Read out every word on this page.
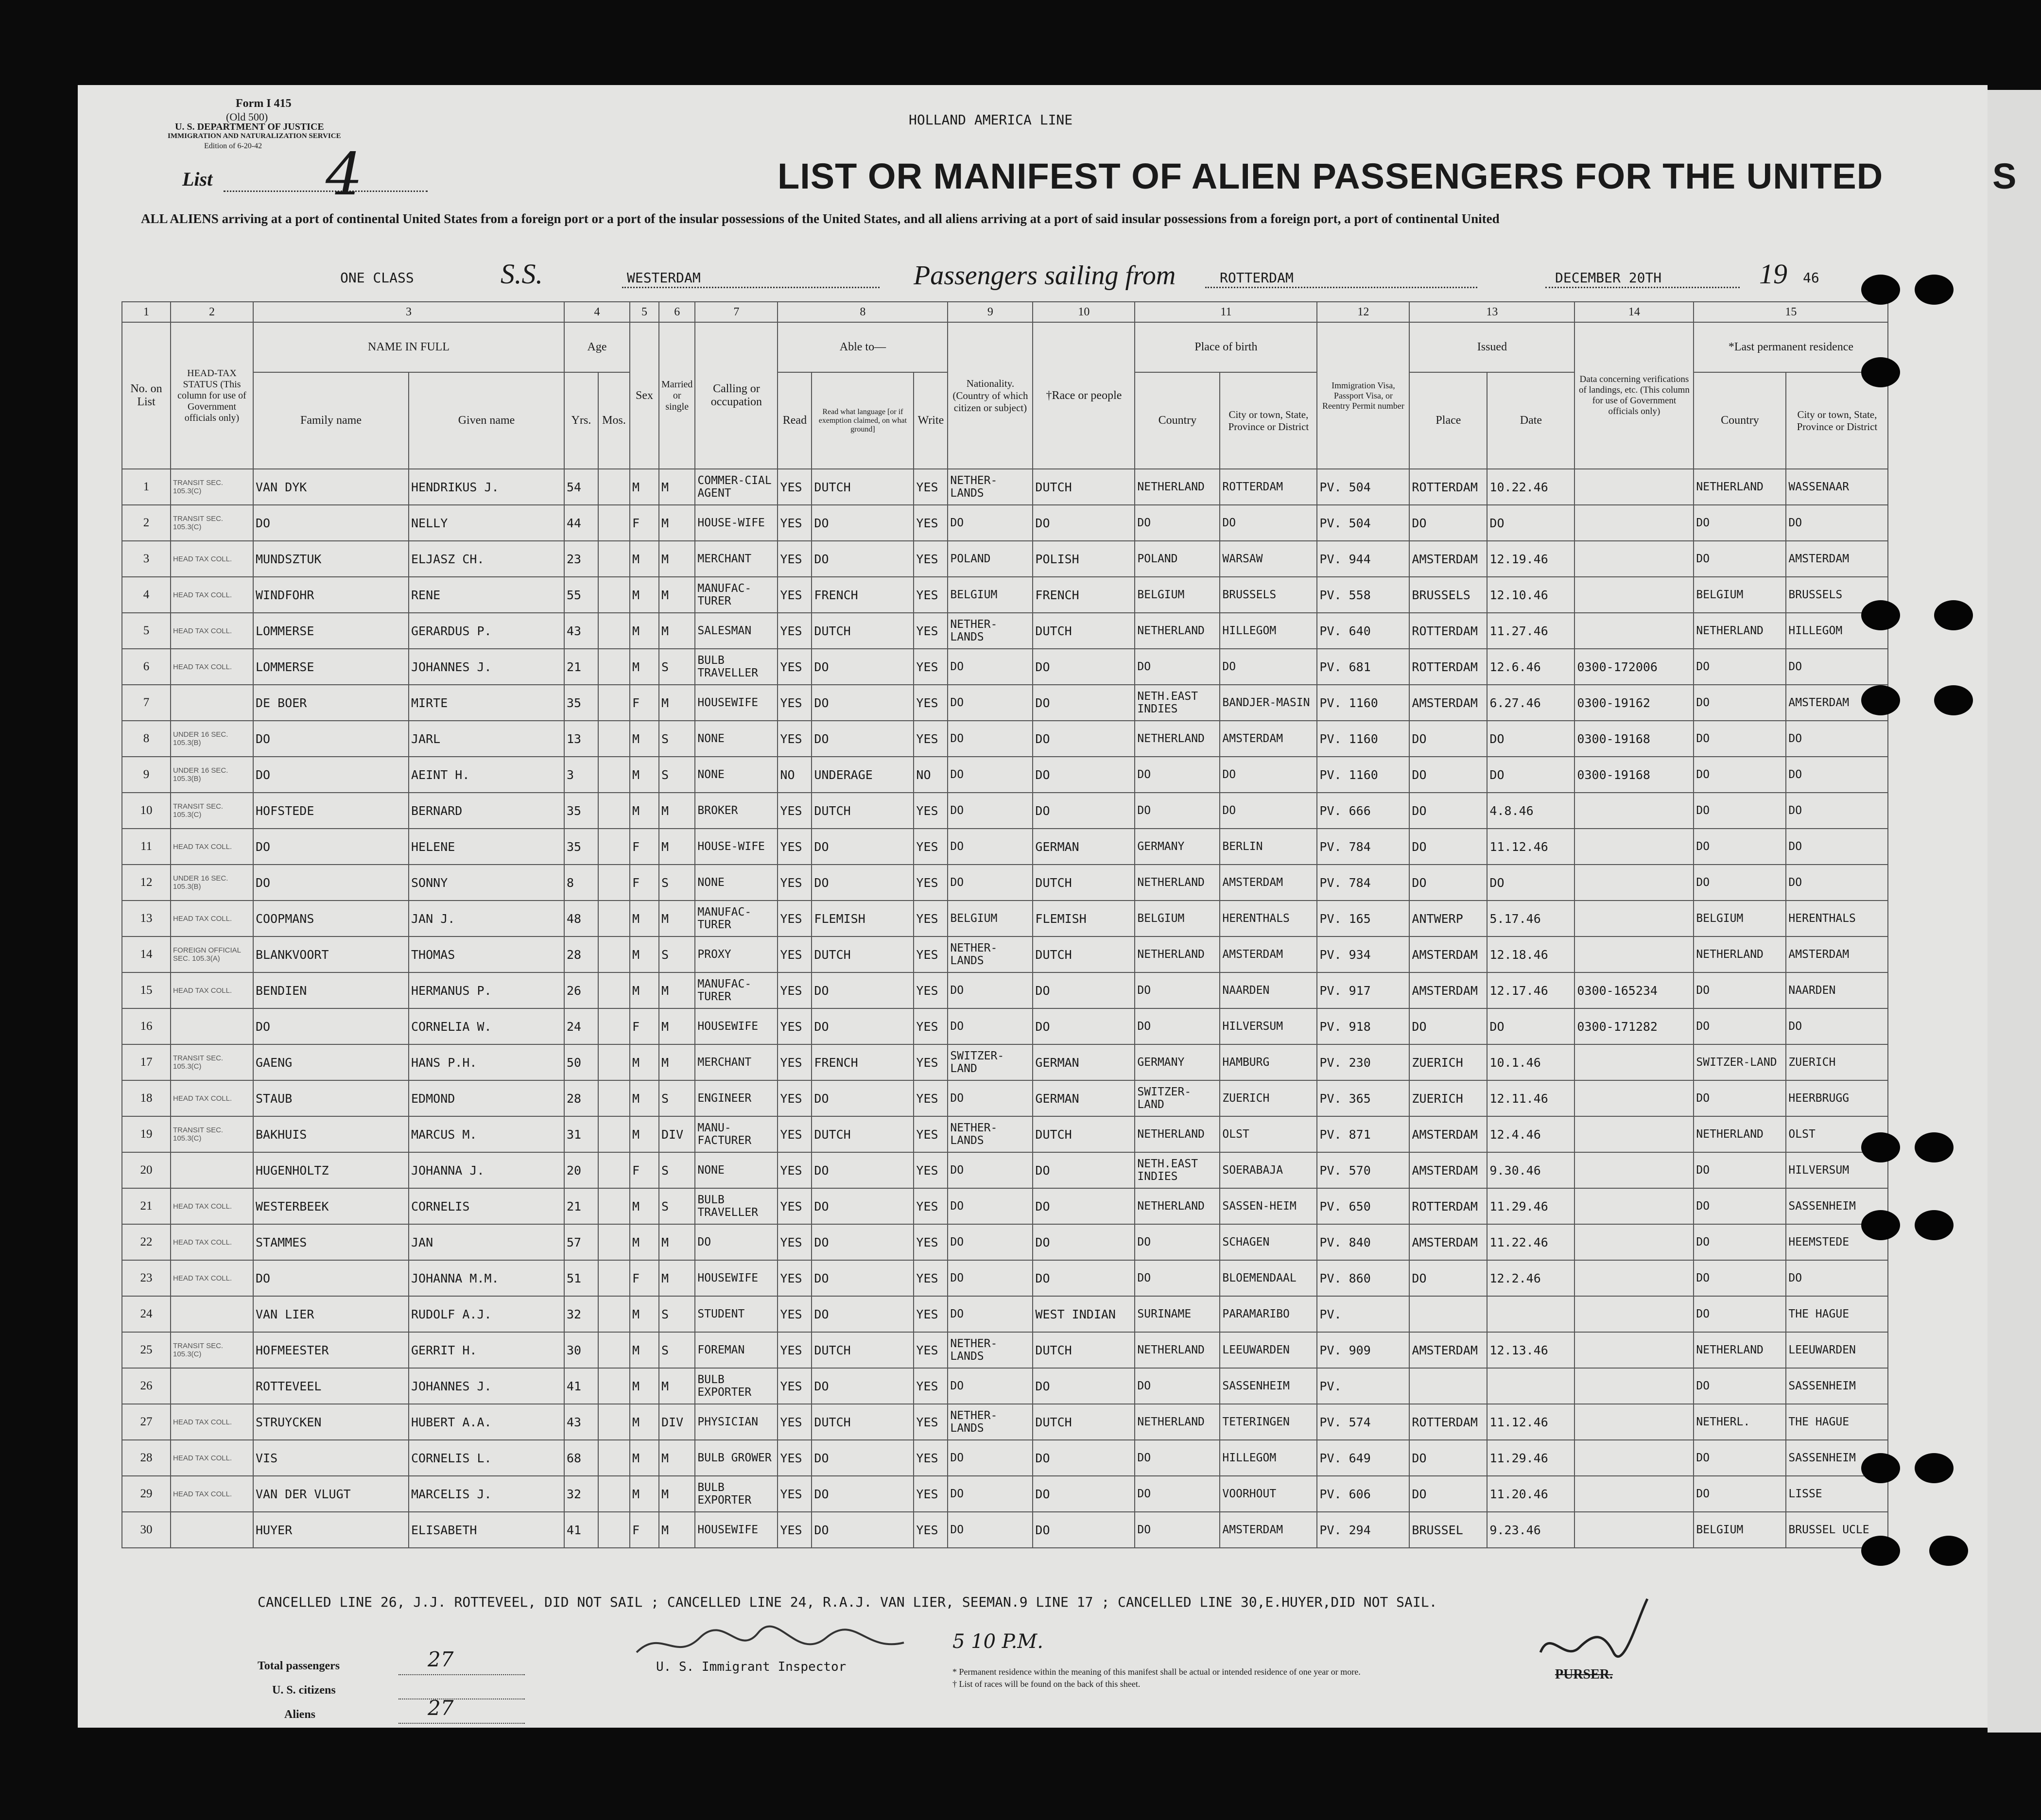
Form I 415
(Old 500)
U. S. DEPARTMENT OF JUSTICE
IMMIGRATION AND NATURALIZATION SERVICE
Edition of 6-20-42
HOLLAND AMERICA LINE
List 4	LIST OR MANIFEST OF ALIEN PASSENGERS FOR THE UNITED	S
ALL ALIENS arriving at a port of continental United States from a foreign port or a port of the insular possessions of the United States, and all aliens arriving at a port of said insular possessions from a foreign port, a port of continental United
ONE CLASS	S.S.	WESTERDAM	Passengers sailing from	ROTTERDAM	DECEMBER 20TH	19 46
1	2	3		4		5	6	7	8			9	10	11		12	13		14	15	
No. on List	HEAD-TAX STATUS (This column for use of Government officials only)	NAME IN FULL		Age		Sex	Married or single	Calling or occupation	Able to—			Nationality. (Country of which citizen or subject)	†Race or people	Place of birth		Immigration Visa, Passport Visa, or Reentry Permit number	Issued		Data concerning verifications of landings, etc. (This column for use of Government officials only)	*Last permanent residence	
		Family name	Given name	Yrs.	Mos.				Read	Read what language [or if exemption claimed, on what ground]	Write			Country	City or town, State, Province or District		Place	Date		Country	City or town, State, Province or District
1	TRANSIT SEC. 105.3(C)	VAN DYK	HENDRIKUS J.	54		M	M	COMMER-CIAL AGENT	YES	DUTCH	YES	NETHER-LANDS	DUTCH	NETHERLAND	ROTTERDAM	PV. 504	ROTTERDAM	10.22.46		NETHERLAND	WASSENAAR
2	TRANSIT SEC. 105.3(C)	DO	NELLY	44		F	M	HOUSE-WIFE	YES	DO	YES	DO	DO	DO	DO	PV. 504	DO	DO		DO	DO
3	HEAD TAX COLL.	MUNDSZTUK	ELJASZ CH.	23		M	M	MERCHANT	YES	DO	YES	POLAND	POLISH	POLAND	WARSAW	PV. 944	AMSTERDAM	12.19.46		DO	AMSTERDAM
4	HEAD TAX COLL.	WINDFOHR	RENE	55		M	M	MANUFAC-TURER	YES	FRENCH	YES	BELGIUM	FRENCH	BELGIUM	BRUSSELS	PV. 558	BRUSSELS	12.10.46		BELGIUM	BRUSSELS
5	HEAD TAX COLL.	LOMMERSE	GERARDUS P.	43		M	M	SALESMAN	YES	DUTCH	YES	NETHER-LANDS	DUTCH	NETHERLAND	HILLEGOM	PV. 640	ROTTERDAM	11.27.46		NETHERLAND	HILLEGOM
6	HEAD TAX COLL.	LOMMERSE	JOHANNES J.	21		M	S	BULB TRAVELLER	YES	DO	YES	DO	DO	DO	DO	PV. 681	ROTTERDAM	12.6.46	0300-172006	DO	DO
7		DE BOER	MIRTE	35		F	M	HOUSEWIFE	YES	DO	YES	DO	DO	NETH.EAST INDIES	BANDJER-MASIN	PV. 1160	AMSTERDAM	6.27.46	0300-19162	DO	AMSTERDAM
8	UNDER 16 SEC. 105.3(B)	DO	JARL	13		M	S	NONE	YES	DO	YES	DO	DO	NETHERLAND	AMSTERDAM	PV. 1160	DO	DO	0300-19168	DO	DO
9	UNDER 16 SEC. 105.3(B)	DO	AEINT H.	3		M	S	NONE	NO	UNDERAGE	NO	DO	DO	DO	DO	PV. 1160	DO	DO	0300-19168	DO	DO
10	TRANSIT SEC. 105.3(C)	HOFSTEDE	BERNARD	35		M	M	BROKER	YES	DUTCH	YES	DO	DO	DO	DO	PV. 666	DO	4.8.46		DO	DO
11	HEAD TAX COLL.	DO	HELENE	35		F	M	HOUSE-WIFE	YES	DO	YES	DO	GERMAN	GERMANY	BERLIN	PV. 784	DO	11.12.46		DO	DO
12	UNDER 16 SEC. 105.3(B)	DO	SONNY	8		F	S	NONE	YES	DO	YES	DO	DUTCH	NETHERLAND	AMSTERDAM	PV. 784	DO	DO		DO	DO
13	HEAD TAX COLL.	COOPMANS	JAN J.	48		M	M	MANUFAC-TURER	YES	FLEMISH	YES	BELGIUM	FLEMISH	BELGIUM	HERENTHALS	PV. 165	ANTWERP	5.17.46		BELGIUM	HERENTHALS
14	FOREIGN OFFICIAL SEC. 105.3(A)	BLANKVOORT	THOMAS	28		M	S	PROXY	YES	DUTCH	YES	NETHER-LANDS	DUTCH	NETHERLAND	AMSTERDAM	PV. 934	AMSTERDAM	12.18.46		NETHERLAND	AMSTERDAM
15	HEAD TAX COLL.	BENDIEN	HERMANUS P.	26		M	M	MANUFAC-TURER	YES	DO	YES	DO	DO	DO	NAARDEN	PV. 917	AMSTERDAM	12.17.46	0300-165234	DO	NAARDEN
16		DO	CORNELIA W.	24		F	M	HOUSEWIFE	YES	DO	YES	DO	DO	DO	HILVERSUM	PV. 918	DO	DO	0300-171282	DO	DO
17	TRANSIT SEC. 105.3(C)	GAENG	HANS P.H.	50		M	M	MERCHANT	YES	FRENCH	YES	SWITZER-LAND	GERMAN	GERMANY	HAMBURG	PV. 230	ZUERICH	10.1.46		SWITZER-LAND	ZUERICH
18	HEAD TAX COLL.	STAUB	EDMOND	28		M	S	ENGINEER	YES	DO	YES	DO	GERMAN	SWITZER-LAND	ZUERICH	PV. 365	ZUERICH	12.11.46		DO	HEERBRUGG
19	TRANSIT SEC. 105.3(C)	BAKHUIS	MARCUS M.	31		M	DIV	MANU-FACTURER	YES	DUTCH	YES	NETHER-LANDS	DUTCH	NETHERLAND	OLST	PV. 871	AMSTERDAM	12.4.46		NETHERLAND	OLST
20		HUGENHOLTZ	JOHANNA J.	20		F	S	NONE	YES	DO	YES	DO	DO	NETH.EAST INDIES	SOERABAJA	PV. 570	AMSTERDAM	9.30.46		DO	HILVERSUM
21	HEAD TAX COLL.	WESTERBEEK	CORNELIS	21		M	S	BULB TRAVELLER	YES	DO	YES	DO	DO	NETHERLAND	SASSEN-HEIM	PV. 650	ROTTERDAM	11.29.46		DO	SASSENHEIM
22	HEAD TAX COLL.	STAMMES	JAN	57		M	M	DO	YES	DO	YES	DO	DO	DO	SCHAGEN	PV. 840	AMSTERDAM	11.22.46		DO	HEEMSTEDE
23	HEAD TAX COLL.	DO	JOHANNA M.M.	51		F	M	HOUSEWIFE	YES	DO	YES	DO	DO	DO	BLOEMENDAAL	PV. 860	DO	12.2.46		DO	DO
24		VAN LIER	RUDOLF A.J.	32		M	S	STUDENT	YES	DO	YES	DO	WEST INDIAN	SURINAME	PARAMARIBO	PV.				DO	THE HAGUE
25	TRANSIT SEC. 105.3(C)	HOFMEESTER	GERRIT H.	30		M	S	FOREMAN	YES	DUTCH	YES	NETHER-LANDS	DUTCH	NETHERLAND	LEEUWARDEN	PV. 909	AMSTERDAM	12.13.46		NETHERLAND	LEEUWARDEN
26		ROTTEVEEL	JOHANNES J.	41		M	M	BULB EXPORTER	YES	DO	YES	DO	DO	DO	SASSENHEIM	PV.				DO	SASSENHEIM
27	HEAD TAX COLL.	STRUYCKEN	HUBERT A.A.	43		M	DIV	PHYSICIAN	YES	DUTCH	YES	NETHER-LANDS	DUTCH	NETHERLAND	TETERINGEN	PV. 574	ROTTERDAM	11.12.46		NETHERL.	THE HAGUE
28	HEAD TAX COLL.	VIS	CORNELIS L.	68		M	M	BULB GROWER	YES	DO	YES	DO	DO	DO	HILLEGOM	PV. 649	DO	11.29.46		DO	SASSENHEIM
29	HEAD TAX COLL.	VAN DER VLUGT	MARCELIS J.	32		M	M	BULB EXPORTER	YES	DO	YES	DO	DO	DO	VOORHOUT	PV. 606	DO	11.20.46		DO	LISSE
30		HUYER	ELISABETH	41		F	M	HOUSEWIFE	YES	DO	YES	DO	DO	DO	AMSTERDAM	PV. 294	BRUSSEL	9.23.46		BELGIUM	BRUSSEL UCLE
CANCELLED LINE 26, J.J. ROTTEVEEL, DID NOT SAIL ; CANCELLED LINE 24, R.A.J. VAN LIER, SEEMAN.9 LINE 17 ; CANCELLED LINE 30,E.HUYER,DID NOT SAIL.
Total passengers	27
U. S. citizens
Aliens	27
U. S. Immigrant Inspector
5 10 P.M.
* Permanent residence within the meaning of this manifest shall be actual or intended residence of one year or more.
† List of races will be found on the back of this sheet.
PURSER.
